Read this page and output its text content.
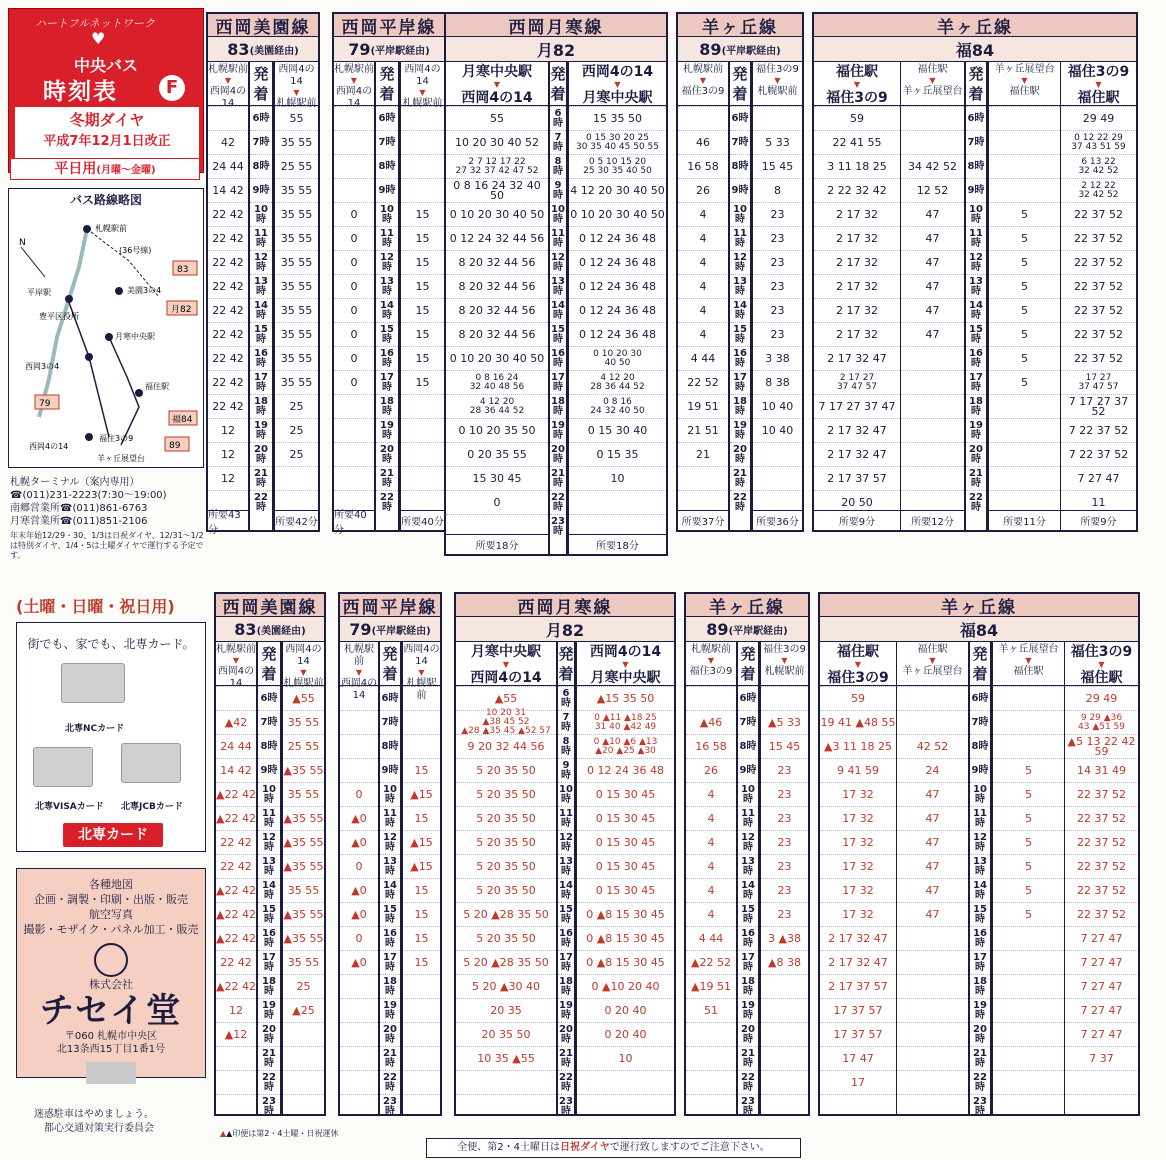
ハートフルネットワーク
♥
中央バス
時刻表	F
冬期ダイヤ
平成7年12月1日改正
平日用(月曜～金曜)
バス路線略図
N
札幌駅前
(36号線)
平岸駅	美園3の4
豊平区役所
月寒中央駅
西岡3の4
福住駅
西岡4の14
福住3の9
羊ヶ丘展望台
83
月82
79
福84
89
札幌ターミナル（案内専用）
☎(011)231-2223(7:30～19:00)
南郷営業所☎(011)861-6763
月寒営業所☎(011)851-2106
年末年始12/29・30、1/3は日祝ダイヤ、12/31～1/2は特別ダイヤ、1/4・5は土曜ダイヤで運行する予定です。
(土曜・日曜・祝日用)
街でも、家でも、北専カード。
北専NCカード
北専VISAカード 北専JCBカード
北専カード
各種地図
企画・調製・印刷・出版・販売
航空写真
撮影・モザイク・パネル加工・販売
株式会社
チセイ堂
〒060 札幌市中央区
北13条西15丁目1番1号
迷惑駐車はやめましょう。
都心交通対策実行委員会
西岡美園線
83 (美園経由)
札幌駅前
▼
西岡4の14
42
24 44
14 42
22 42
22 42
22 42
22 42
22 42
22 42
22 42
22 42
22 42
12
12
12
所要43分
発
着
6時
7時
8時
9時
10時
11時
12時
13時
14時
15時
16時
17時
18時
19時
20時
21時
22時
西岡4の14
▼
札幌駅前
55
35 55
25 55
35 55
35 55
35 55
35 55
35 55
35 55
35 55
35 55
35 55
25
25
25
所要42分
西岡平岸線
79 (平岸駅経由)
札幌駅前
▼
西岡4の14
0
0
0
0
0
0
0
0
所要40分
発
着
6時
7時
8時
9時
10時
11時
12時
13時
14時
15時
16時
17時
18時
19時
20時
21時
22時
西岡4の14
▼
札幌駅前
15
15
15
15
15
15
15
15
所要40分
西岡月寒線
月82
月寒中央駅
▼
西岡4の14
55
10 20 30 40 52
2 7 12 17 22
27 32 37 42 47 52
0 8 16 24 32 40 50
0 10 20 30 40 50
0 12 24 32 44 56
8 20 32 44 56
8 20 32 44 56
8 20 32 44 56
8 20 32 44 56
0 10 20 30 40 50
0 8 16 24
32 40 48 56
4 12 20
28 36 44 52
0 10 20 35 50
0 20 35 55
15 30 45
0
所要18分
発
着
6時
7時
8時
9時
10時
11時
12時
13時
14時
15時
16時
17時
18時
19時
20時
21時
22時
23時
西岡4の14
▼
月寒中央駅
15 35 50
0 15 30 20 25
30 35 40 45 50 55
0 5 10 15 20
25 30 35 40 50
4 12 20 30 40 50
0 10 20 30 40 50
0 12 24 36 48
0 12 24 36 48
0 12 24 36 48
0 12 24 36 48
0 12 24 36 48
0 10 20 30
40 50
4 12 20
28 36 44 52
0 8 16
24 32 40 50
0 15 30 40
0 15 35
10
所要18分
羊ヶ丘線
89 (平岸駅経由)
札幌駅前
▼
福住3の9
46
16 58
26
4
4
4
4
4
4
4 44
22 52
19 51
21 51
21
所要37分
発
着
6時
7時
8時
9時
10時
11時
12時
13時
14時
15時
16時
17時
18時
19時
20時
21時
22時
福住3の9
▼
札幌駅前
5 33
15 45
8
23
23
23
23
23
23
3 38
8 38
10 40
10 40
所要36分
羊ヶ丘線
福84
福住駅
▼
福住3の9
59
22 41 55
3 11 18 25
2 22 32 42
2 17 32
2 17 32
2 17 32
2 17 32
2 17 32
2 17 32
2 17 32 47
2 17 27
37 47 57
7 17 27 37 47
2 17 32 47
2 17 32 47
2 17 37 57
20 50
所要9分
福住駅
▼
羊ヶ丘展望台
34 42 52
12 52
47
47
47
47
47
47
所要12分
発
着
6時
7時
8時
9時
10時
11時
12時
13時
14時
15時
16時
17時
18時
19時
20時
21時
22時
羊ヶ丘展望台
▼
福住駅
5
5
5
5
5
5
5
5
所要11分
福住3の9
▼
福住駅
29 49
0 12 22 29
37 43 51 59
6 13 22
32 42 52
2 12 22
32 42 52
22 37 52
22 37 52
22 37 52
22 37 52
22 37 52
22 37 52
22 37 52
17 27
37 47 57
7 17 27 37 52
7 22 37 52
7 22 37 52
7 27 47
11
所要9分
西岡美園線
83 (美園経由)
札幌駅前
▼
西岡4の14
▲42
24 44
14 42
▲22 42
▲22 42
22 42
22 42
▲22 42
▲22 42
▲22 42
22 42
▲22 42
12
▲12
発
着
6時
7時
8時
9時
10時
11時
12時
13時
14時
15時
16時
17時
18時
19時
20時
21時
22時
23時
西岡4の14
▼
札幌駅前
▲55
35 55
25 55
▲35 55
35 55
▲35 55
▲35 55
▲35 55
35 55
▲35 55
▲35 55
35 55
25
▲25
西岡平岸線
79 (平岸駅経由)
札幌駅前
▼
西岡4の14
0
▲0
▲0
0
▲0
▲0
0
▲0
発
着
6時
7時
8時
9時
10時
11時
12時
13時
14時
15時
16時
17時
18時
19時
20時
21時
22時
23時
西岡4の14
▼
札幌駅前
15
▲15
15
▲15
▲15
15
15
15
15
西岡月寒線
月82
月寒中央駅
▼
西岡4の14
▲55
10 20 31
▲38 45 52
▲28 ▲35 45 ▲52 57
9 20 32 44 56
5 20 35 50
5 20 35 50
5 20 35 50
5 20 35 50
5 20 35 50
5 20 35 50
5 20 ▲28 35 50
5 20 35 50
5 20 ▲28 35 50
5 20 ▲30 40
20 35
20 35 50
10 35 ▲55
発
着
6時
7時
8時
9時
10時
11時
12時
13時
14時
15時
16時
17時
18時
19時
20時
21時
22時
23時
西岡4の14
▼
月寒中央駅
▲15 35 50
0 ▲11 ▲18 25
31 40 ▲42 49
0 ▲10 ▲6 ▲13
▲20 ▲25 ▲30
0 12 24 36 48
0 15 30 45
0 15 30 45
0 15 30 45
0 15 30 45
0 15 30 45
0 ▲8 15 30 45
0 ▲8 15 30 45
0 ▲8 15 30 45
0 ▲10 20 40
0 20 40
0 20 40
10
羊ヶ丘線
89 (平岸駅経由)
札幌駅前
▼
福住3の9
▲46
16 58
26
4
4
4
4
4
4
4 44
▲22 52
▲19 51
51
発
着
6時
7時
8時
9時
10時
11時
12時
13時
14時
15時
16時
17時
18時
19時
20時
21時
22時
23時
福住3の9
▼
札幌駅前
▲5 33
15 45
23
23
23
23
23
23
23
3 ▲38
▲8 38
羊ヶ丘線
福84
福住駅
▼
福住3の9
59
19 41 ▲48 55
▲3 11 18 25
9 41 59
17 32
17 32
17 32
17 32
17 32
17 32
2 17 32 47
2 17 32 47
2 17 37 57
17 37 57
17 37 57
17 47
17
福住駅
▼
羊ヶ丘展望台
42 52
24
47
47
47
47
47
47
発
着
6時
7時
8時
9時
10時
11時
12時
13時
14時
15時
16時
17時
18時
19時
20時
21時
22時
23時
羊ヶ丘展望台
▼
福住駅
5
5
5
5
5
5
5
福住3の9
▼
福住駅
29 49
9 29 ▲36
43 ▲51 59
▲5 13 22 42 59
14 31 49
22 37 52
22 37 52
22 37 52
22 37 52
22 37 52
22 37 52
7 27 47
7 27 47
7 27 47
7 27 47
7 27 47
7 37
▲▲印便は第2・4土曜・日祝運休
全便、第2・4土曜日は日祝ダイヤで運行致しますのでご注意下さい。
